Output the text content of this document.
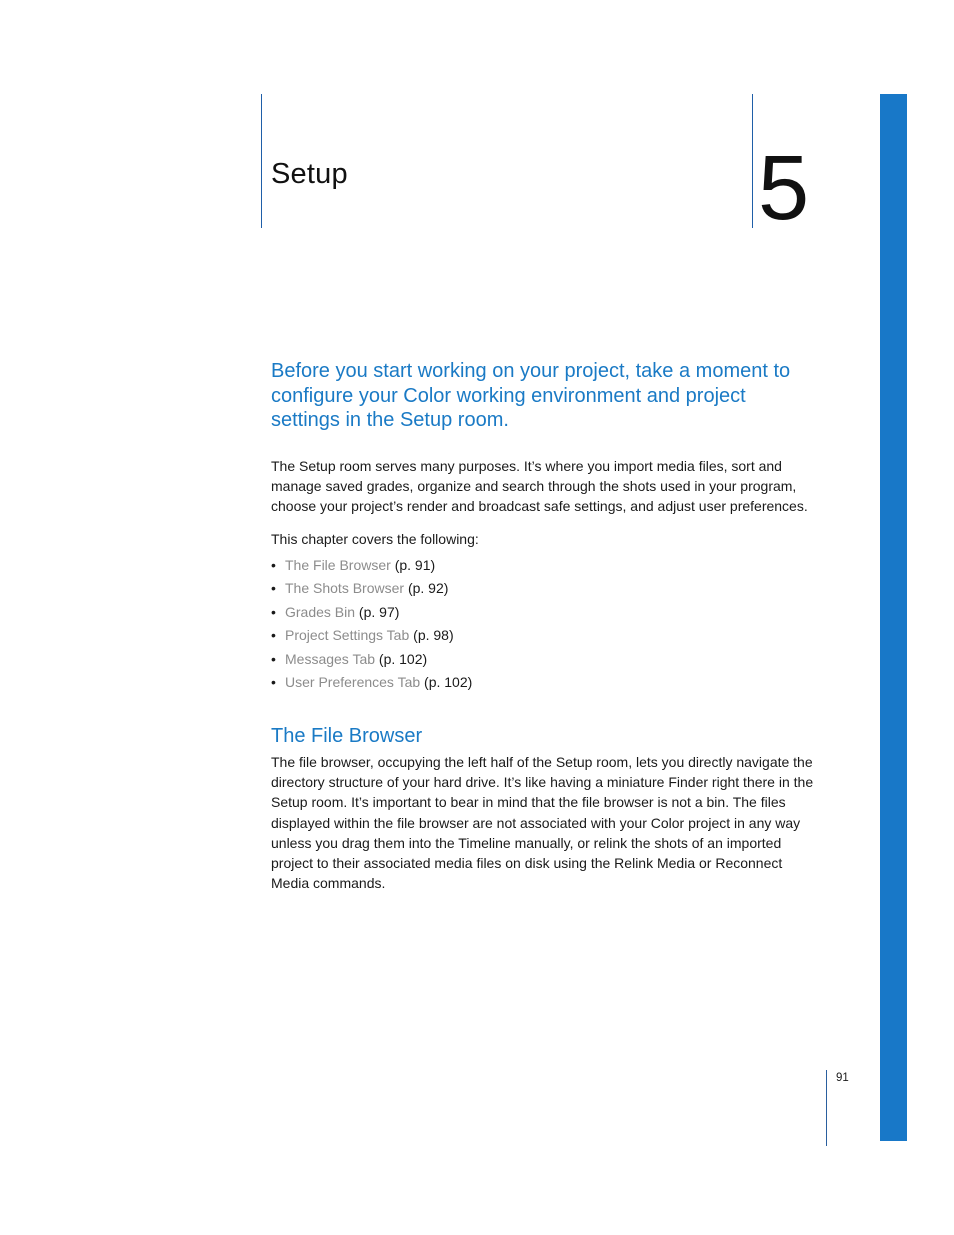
Setup	5

Before you start working on your project, take a moment to configure your Color working environment and project settings in the Setup room.

The Setup room serves many purposes. It’s where you import media files, sort and manage saved grades, organize and search through the shots used in your program, choose your project’s render and broadcast safe settings, and adjust user preferences.

This chapter covers the following:

• The File Browser (p. 91)
• The Shots Browser (p. 92)
• Grades Bin (p. 97)
• Project Settings Tab (p. 98)
• Messages Tab (p. 102)
• User Preferences Tab (p. 102)
The File Browser

The file browser, occupying the left half of the Setup room, lets you directly navigate the directory structure of your hard drive. It’s like having a miniature Finder right there in the Setup room. It’s important to bear in mind that the file browser is not a bin. The files displayed within the file browser are not associated with your Color project in any way unless you drag them into the Timeline manually, or relink the shots of an imported project to their associated media files on disk using the Relink Media or Reconnect Media commands.

91
